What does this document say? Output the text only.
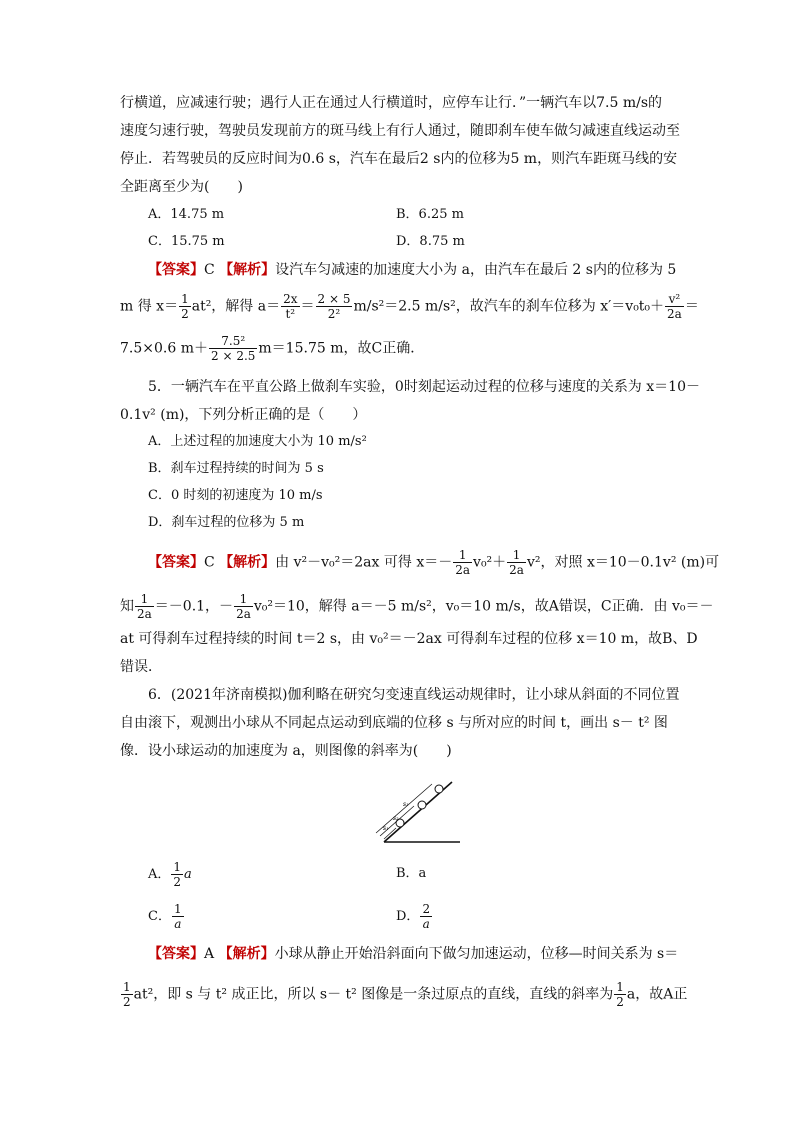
行横道，应减速行驶；遇行人正在通过人行横道时，应停车让行．”一辆汽车以7.5 m/s的
速度匀速行驶，驾驶员发现前方的斑马线上有行人通过，随即刹车使车做匀减速直线运动至
停止．若驾驶员的反应时间为0.6 s，汽车在最后2 s内的位移为5 m，则汽车距斑马线的安
全距离至少为(　　)
A．14.75 m	B．6.25 m
C．15.75 m	D．8.75 m
【答案】C 【解析】设汽车匀减速的加速度大小为 a，由汽车在最后 2 s内的位移为 5
m 得 $x= \frac{1}{2} at^2$，解得 $a= \frac{2x}{\text{t²}} = \frac{2 \times 5}{\text{2²}} m/s^2=2.5$ m/s²，故汽车的刹车位移为 $x'=v_0t_0+ \frac{\text{v²}}{2a}$ ＝
7.5×0.6 $m+ \frac{\text{7.5²}}{2 \times 2.5} m=15.75$ m，故C正确．
5．一辆汽车在平直公路上做刹车实验，0时刻起运动过程的位移与速度的关系为 x＝10－
0.1v² (m)，下列分析正确的是（　　）
A．上述过程的加速度大小为 10 m/s²
B．刹车过程持续的时间为 5 s
C．0 时刻的初速度为 10 m/s
D．刹车过程的位移为 5 m
【答案】C 【解析】由 v²－v₀²＝2ax 可得 $x=- \frac{1}{2a} v_0^2+ \frac{1}{2a} v^2$，对照 x＝10－0.1v² (m)可
知 $\frac{1}{2a} =-0.1$，－ $\frac{1}{2a} v_0^2=10$，解得 a＝－5 m/s²，v₀＝10 m/s，故A错误，C正确．由 v₀＝－
at 可得刹车过程持续的时间 t＝2 s，由 v₀²＝－2ax 可得刹车过程的位移 x＝10 m，故B、D
错误．
6．(2021年济南模拟)伽利略在研究匀变速直线运动规律时，让小球从斜面的不同位置
自由滚下，观测出小球从不同起点运动到底端的位移 s 与所对应的时间 t，画出 s－ t² 图
像．设小球运动的加速度为 a，则图像的斜率为(　　)
s₃
s₂
s₁
A． $\frac{1}{2}$ a	B．a
C． $\frac{1}{a}$	D． $\frac{2}{a}$
【答案】A 【解析】小球从静止开始沿斜面向下做匀加速运动，位移—时间关系为 s＝
$\frac{1}{2} at^2$，即 s 与 t² 成正比，所以 s－ t² 图像是一条过原点的直线，直线的斜率为 $\frac{1}{2}$ a，故A正
